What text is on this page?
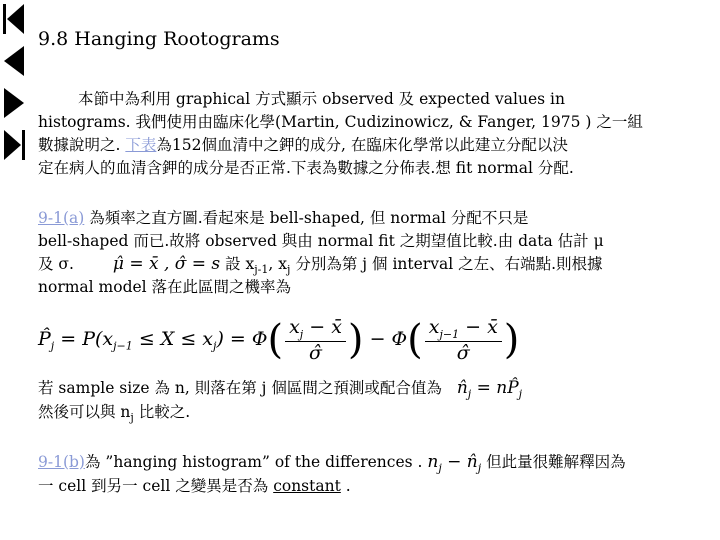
9.8 Hanging Rootograms
本節中為利用 graphical 方式顯示 observed 及 expected values in
histograms. 我們使用由臨床化學(Martin, Cudizinowicz, & Fanger, 1975 ) 之一組
數據說明之. 下表為152個血清中之鉀的成分, 在臨床化學常以此建立分配以決
定在病人的血清含鉀的成分是否正常.下表為數據之分佈表.想 fit normal 分配.
9-1(a) 為頻率之直方圖.看起來是 bell-shaped, 但 normal 分配不只是
bell-shaped 而已.故將 observed 與由 normal fit 之期望值比較.由 data 估計 μ
及 σ. μ̂ = x̄ , σ̂ = s 設 $x_{j-1}$, $x_j$ 分別為第 j 個 interval 之左、右端點.則根據
normal model 落在此區間之機率為
$P̂_j = P(x_{j-1} \le X \le x_j) = \Phi( \frac{x_j - x̄}{\sigmâ}$ ) − $\Phi( \frac{x_{j-1} - x̄}{\sigmâ}$ )
若 sample size 為 n, 則落在第 j 個區間之預測或配合值為 $n̂_j$ = $nP̂_j$
然後可以與 $n_j$ 比較之.
9-1(b)為 ”hanging histogram” of the differences . $n_j$ − $n̂_j$ 但此量很難解釋因為
一 cell 到另一 cell 之變異是否為 constant .
